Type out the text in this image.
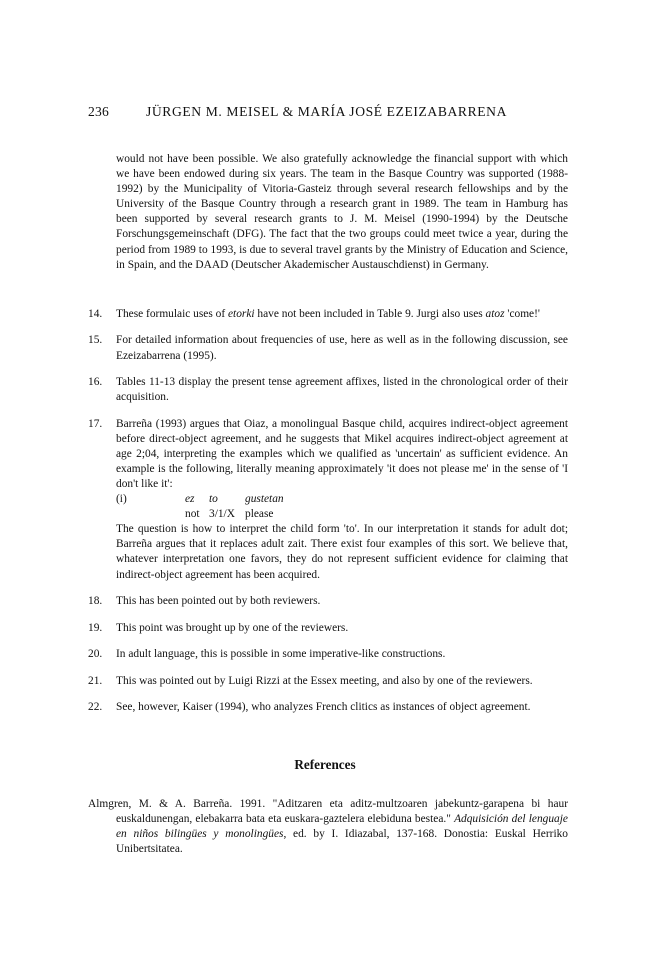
236	JÜRGEN M. MEISEL & MARÍA JOSÉ EZEIZABARRENA
would not have been possible. We also gratefully acknowledge the financial support with which we have been endowed during six years. The team in the Basque Country was supported (1988-1992) by the Municipality of Vitoria-Gasteiz through several research fellowships and by the University of the Basque Country through a research grant in 1989. The team in Hamburg has been supported by several research grants to J. M. Meisel (1990-1994) by the Deutsche Forschungsgemeinschaft (DFG). The fact that the two groups could meet twice a year, during the period from 1989 to 1993, is due to several travel grants by the Ministry of Education and Science, in Spain, and the DAAD (Deutscher Akademischer Austauschdienst) in Germany.
14.	These formulaic uses of etorki have not been included in Table 9. Jurgi also uses atoz 'come!'

15.	For detailed information about frequencies of use, here as well as in the following discussion, see Ezeizabarrena (1995).

16.	Tables 11-13 display the present tense agreement affixes, listed in the chronological order of their acquisition.

17.	Barreña (1993) argues that Oiaz, a monolingual Basque child, acquires indirect-object agreement before direct-object agreement, and he suggests that Mikel acquires indirect-object agreement at age 2;04, interpreting the examples which we qualified as 'uncertain' as sufficient evidence. An example is the following, literally meaning approximately 'it does not please me' in the sense of 'I don't like it':

(i)	ez	to	gustetan
not 3/1/X please

The question is how to interpret the child form 'to'. In our interpretation it stands for adult dot; Barreña argues that it replaces adult zait. There exist four examples of this sort. We believe that, whatever interpretation one favors, they do not represent sufficient evidence for claiming that indirect-object agreement has been acquired.

18.	This has been pointed out by both reviewers.

19.	This point was brought up by one of the reviewers.

20.	In adult language, this is possible in some imperative-like constructions.

21.	This was pointed out by Luigi Rizzi at the Essex meeting, and also by one of the reviewers.

22.	See, however, Kaiser (1994), who analyzes French clitics as instances of object agreement.

References

Almgren, M. & A. Barreña. 1991. "Aditzaren eta aditz-multzoaren jabekuntz-garapena bi haur euskaldunengan, elebakarra bata eta euskara-gaztelera elebiduna bestea." Adquisición del lenguaje en niños bilingües y monolingües, ed. by I. Idiazabal, 137-168. Donostia: Euskal Herriko Unibertsitatea.
